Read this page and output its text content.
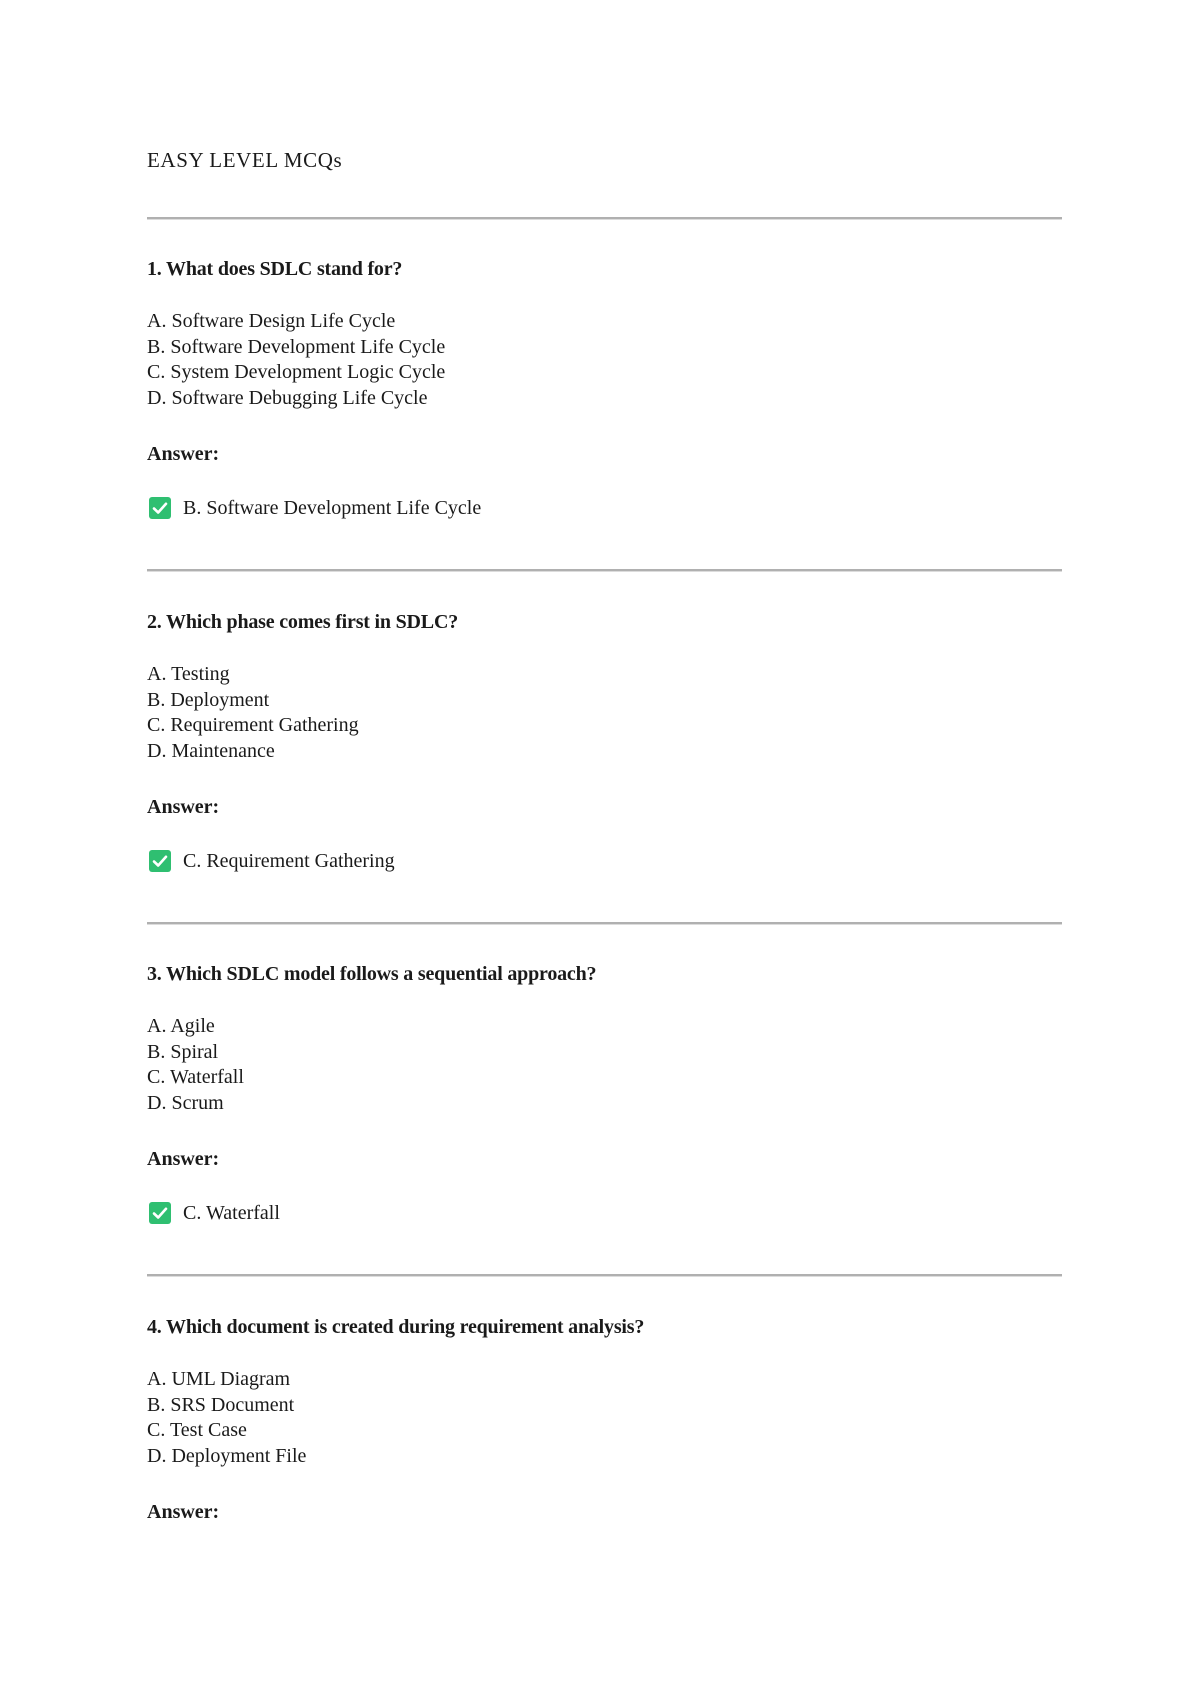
EASY LEVEL MCQs

1. What does SDLC stand for?

A. Software Design Life Cycle
B. Software Development Life Cycle
C. System Development Logic Cycle
D. Software Debugging Life Cycle

Answer:

B. Software Development Life Cycle

2. Which phase comes first in SDLC?

A. Testing
B. Deployment
C. Requirement Gathering
D. Maintenance

Answer:

C. Requirement Gathering

3. Which SDLC model follows a sequential approach?

A. Agile
B. Spiral
C. Waterfall
D. Scrum

Answer:

C. Waterfall

4. Which document is created during requirement analysis?

A. UML Diagram
B. SRS Document
C. Test Case
D. Deployment File

Answer:
